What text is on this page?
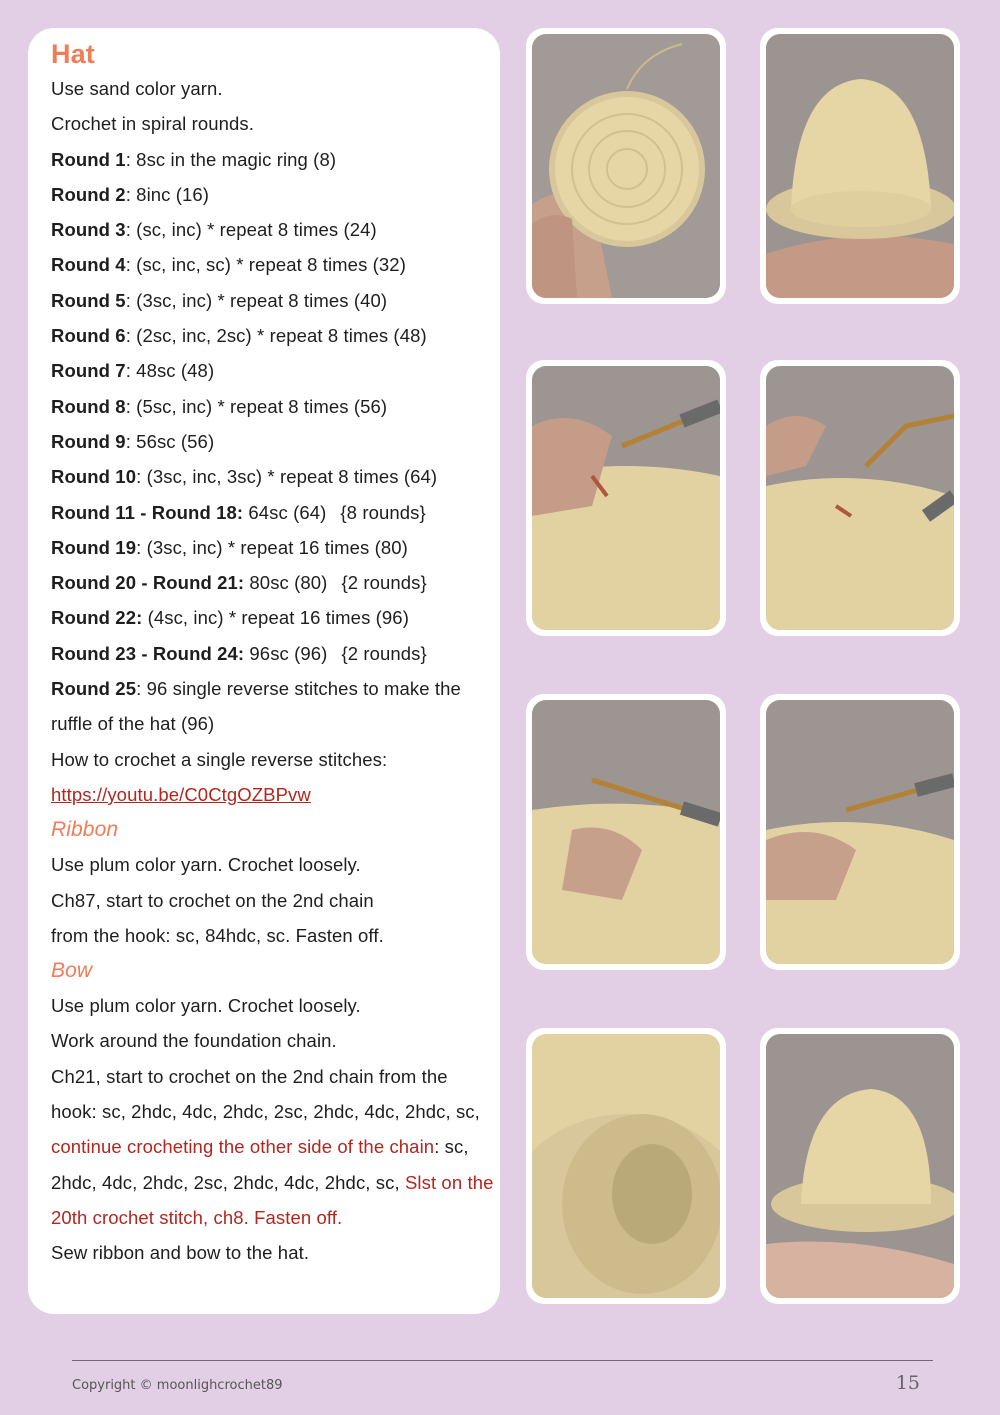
Hat
Use sand color yarn.
Crochet in spiral rounds.
Round 1: 8sc in the magic ring (8)
Round 2: 8inc (16)
Round 3: (sc, inc) * repeat 8 times (24)
Round 4: (sc, inc, sc) * repeat 8 times (32)
Round 5: (3sc, inc) * repeat 8 times (40)
Round 6: (2sc, inc, 2sc) * repeat 8 times (48)
Round 7: 48sc (48)
Round 8: (5sc, inc) * repeat 8 times (56)
Round 9: 56sc (56)
Round 10: (3sc, inc, 3sc) * repeat 8 times (64)
Round 11 - Round 18: 64sc (64) {8 rounds}
Round 19: (3sc, inc) * repeat 16 times (80)
Round 20 - Round 21: 80sc (80) {2 rounds}
Round 22: (4sc, inc) * repeat 16 times (96)
Round 23 - Round 24: 96sc (96) {2 rounds}
Round 25: 96 single reverse stitches to make the ruffle of the hat (96)
How to crochet a single reverse stitches:
https://youtu.be/C0CtgOZBPvw
Ribbon
Use plum color yarn. Crochet loosely.
Ch87, start to crochet on the 2nd chain
from the hook: sc, 84hdc, sc. Fasten off.
Bow
Use plum color yarn. Crochet loosely.
Work around the foundation chain.
Ch21, start to crochet on the 2nd chain from the hook: sc, 2hdc, 4dc, 2hdc, 2sc, 2hdc, 4dc, 2hdc, sc, continue crocheting the other side of the chain: sc, 2hdc, 4dc, 2hdc, 2sc, 2hdc, 4dc, 2hdc, sc, Slst on the 20th crochet stitch, ch8. Fasten off.
Sew ribbon and bow to the hat.
Copyright © moonlighcrochet89	15
